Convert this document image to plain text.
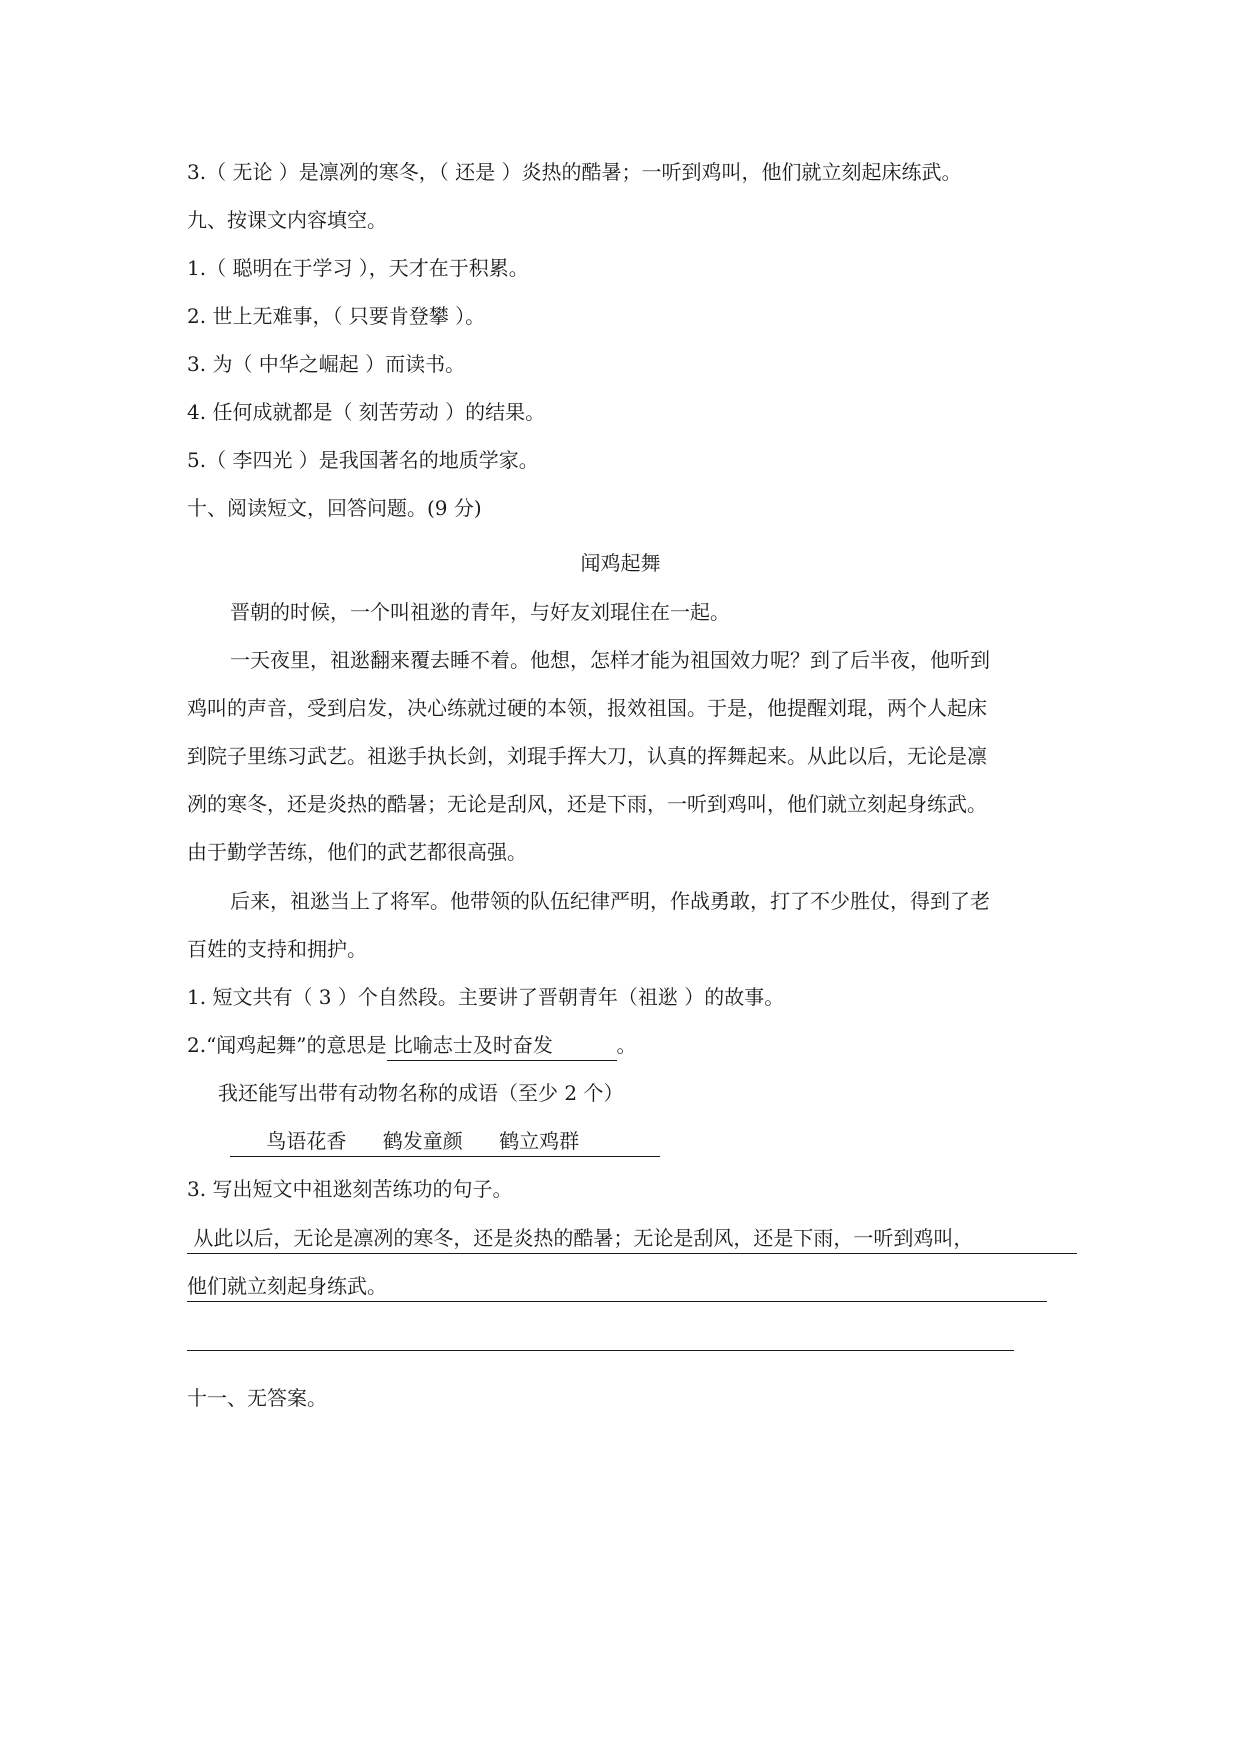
3.（ 无论 ）是凛冽的寒冬，（ 还是 ）炎热的酷暑；一听到鸡叫，他们就立刻起床练武。
九、按课文内容填空。
1.（ 聪明在于学习 ），天才在于积累。
2. 世上无难事，（ 只要肯登攀 ）。
3. 为（ 中华之崛起 ）而读书。
4. 任何成就都是（ 刻苦劳动 ）的结果。
5.（ 李四光 ）是我国著名的地质学家。
十、阅读短文，回答问题。(9 分)
闻鸡起舞
晋朝的时候，一个叫祖逖的青年，与好友刘琨住在一起。
一天夜里，祖逖翻来覆去睡不着。他想，怎样才能为祖国效力呢？到了后半夜，他听到
鸡叫的声音，受到启发，决心练就过硬的本领，报效祖国。于是，他提醒刘琨，两个人起床
到院子里练习武艺。祖逖手执长剑，刘琨手挥大刀，认真的挥舞起来。从此以后，无论是凛
冽的寒冬，还是炎热的酷暑；无论是刮风，还是下雨，一听到鸡叫，他们就立刻起身练武。
由于勤学苦练，他们的武艺都很高强。
后来，祖逖当上了将军。他带领的队伍纪律严明，作战勇敢，打了不少胜仗，得到了老
百姓的支持和拥护。
1. 短文共有（ 3 ）个自然段。主要讲了晋朝青年（祖逖 ）的故事。
2.“闻鸡起舞”的意思是 比喻志士及时奋发	。
我还能写出带有动物名称的成语（至少 2 个）
鸟语花香 鹤发童颜 鹤立鸡群
3. 写出短文中祖逖刻苦练功的句子。
从此以后，无论是凛冽的寒冬，还是炎热的酷暑；无论是刮风，还是下雨，一听到鸡叫，
他们就立刻起身练武。
十一、无答案。
